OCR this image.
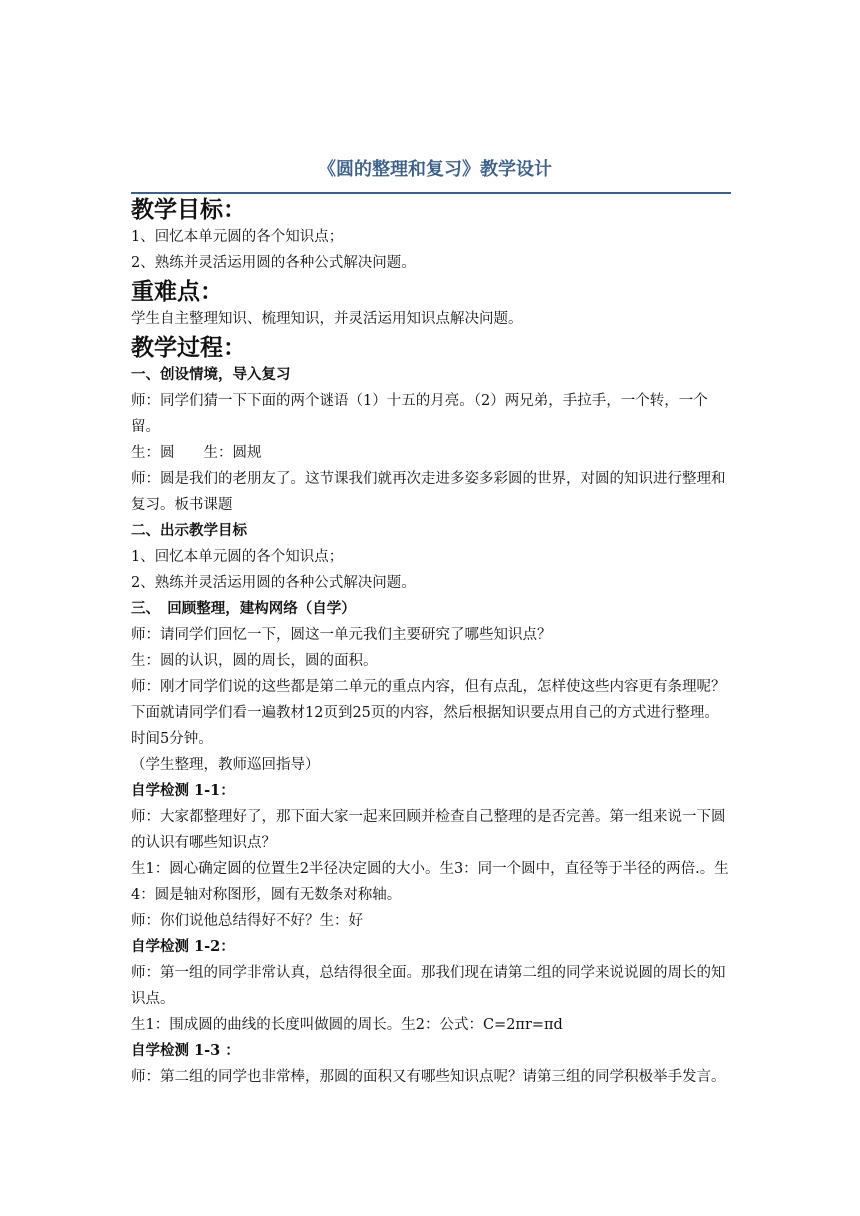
《圆的整理和复习》教学设计
教学目标：

1、回忆本单元圆的各个知识点；

2、熟练并灵活运用圆的各种公式解决问题。

重难点：

学生自主整理知识、梳理知识，并灵活运用知识点解决问题。

教学过程：

一、创设情境，导入复习

师：同学们猜一下下面的两个谜语（1）十五的月亮。（2）两兄弟，手拉手，一个转，一个留。

生：圆　　生：圆规

师：圆是我们的老朋友了。这节课我们就再次走进多姿多彩圆的世界，对圆的知识进行整理和复习。板书课题

二、出示教学目标

1、回忆本单元圆的各个知识点；

2、熟练并灵活运用圆的各种公式解决问题。

三、　回顾整理，建构网络（自学）

师：请同学们回忆一下，圆这一单元我们主要研究了哪些知识点？

生：圆的认识，圆的周长，圆的面积。

师：刚才同学们说的这些都是第二单元的重点内容，但有点乱，怎样使这些内容更有条理呢？下面就请同学们看一遍教材12页到25页的内容，然后根据知识要点用自己的方式进行整理。时间5分钟。

（学生整理，教师巡回指导）

自学检测 1-1：

师：大家都整理好了，那下面大家一起来回顾并检查自己整理的是否完善。第一组来说一下圆的认识有哪些知识点？

生1：圆心确定圆的位置生2半径决定圆的大小。生3：同一个圆中，直径等于半径的两倍.。生4：圆是轴对称图形，圆有无数条对称轴。

师：你们说他总结得好不好？生：好

自学检测 1-2：

师：第一组的同学非常认真，总结得很全面。那我们现在请第二组的同学来说说圆的周长的知识点。

生1：围成圆的曲线的长度叫做圆的周长。生2：公式：C=2πr=πd

自学检测 1-3 ：

师：第二组的同学也非常棒，那圆的面积又有哪些知识点呢？请第三组的同学积极举手发言。
